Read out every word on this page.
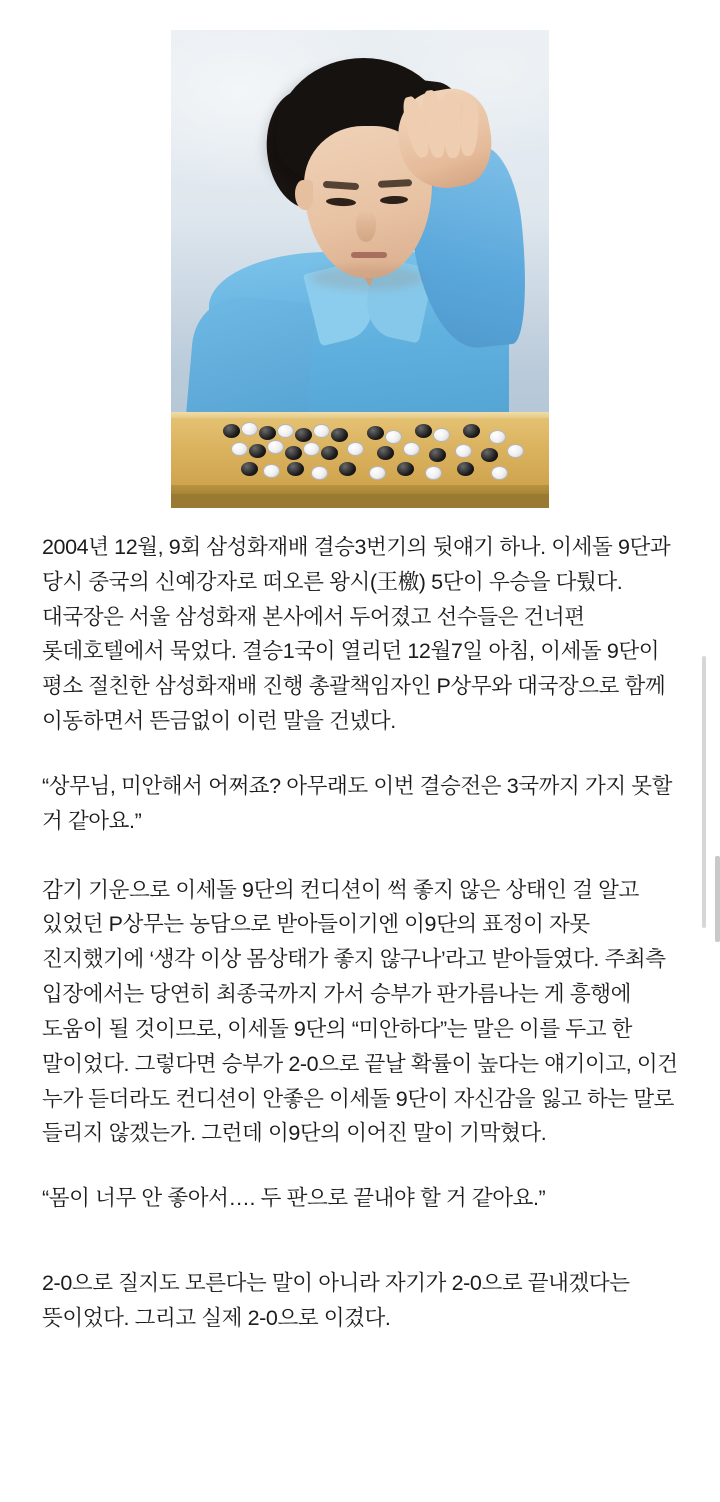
2004년 12월, 9회 삼성화재배 결승3번기의 뒷얘기 하나. 이세돌 9단과 당시 중국의 신예강자로 떠오른 왕시(王檄) 5단이 우승을 다퉜다. 대국장은 서울 삼성화재 본사에서 두어졌고 선수들은 건너편 롯데호텔에서 묵었다. 결승1국이 열리던 12월7일 아침, 이세돌 9단이 평소 절친한 삼성화재배 진행 총괄책임자인 P상무와 대국장으로 함께 이동하면서 뜬금없이 이런 말을 건넸다.

“상무님, 미안해서 어쩌죠? 아무래도 이번 결승전은 3국까지 가지 못할 거 같아요.”

감기 기운으로 이세돌 9단의 컨디션이 썩 좋지 않은 상태인 걸 알고 있었던 P상무는 농담으로 받아들이기엔 이9단의 표정이 자못 진지했기에 ‘생각 이상 몸상태가 좋지 않구나’라고 받아들였다. 주최측 입장에서는 당연히 최종국까지 가서 승부가 판가름나는 게 흥행에 도움이 될 것이므로, 이세돌 9단의 “미안하다”는 말은 이를 두고 한 말이었다. 그렇다면 승부가 2-0으로 끝날 확률이 높다는 얘기이고, 이건 누가 듣더라도 컨디션이 안좋은 이세돌 9단이 자신감을 잃고 하는 말로 들리지 않겠는가. 그런데 이9단의 이어진 말이 기막혔다.

“몸이 너무 안 좋아서…. 두 판으로 끝내야 할 거 같아요.”

2-0으로 질지도 모른다는 말이 아니라 자기가 2-0으로 끝내겠다는 뜻이었다. 그리고 실제 2-0으로 이겼다.
